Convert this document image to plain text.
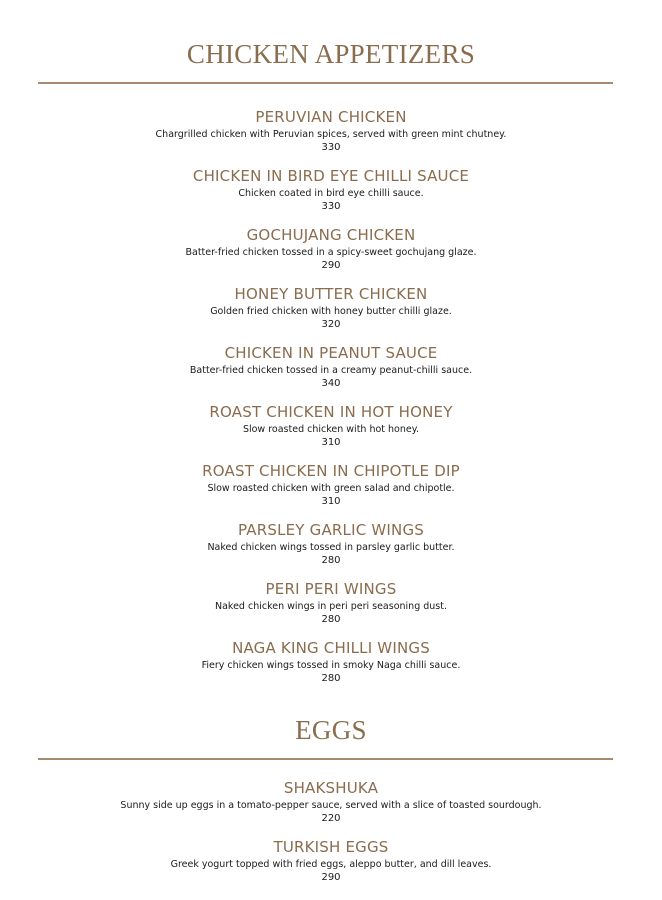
CHICKEN APPETIZERS
PERUVIAN CHICKEN
Chargrilled chicken with Peruvian spices, served with green mint chutney.
330
CHICKEN IN BIRD EYE CHILLI SAUCE
Chicken coated in bird eye chilli sauce.
330
GOCHUJANG CHICKEN
Batter-fried chicken tossed in a spicy-sweet gochujang glaze.
290
HONEY BUTTER CHICKEN
Golden fried chicken with honey butter chilli glaze.
320
CHICKEN IN PEANUT SAUCE
Batter-fried chicken tossed in a creamy peanut-chilli sauce.
340
ROAST CHICKEN IN HOT HONEY
Slow roasted chicken with hot honey.
310
ROAST CHICKEN IN CHIPOTLE DIP
Slow roasted chicken with green salad and chipotle.
310
PARSLEY GARLIC WINGS
Naked chicken wings tossed in parsley garlic butter.
280
PERI PERI WINGS
Naked chicken wings in peri peri seasoning dust.
280
NAGA KING CHILLI WINGS
Fiery chicken wings tossed in smoky Naga chilli sauce.
280
EGGS
SHAKSHUKA
Sunny side up eggs in a tomato-pepper sauce, served with a slice of toasted sourdough.
220
TURKISH EGGS
Greek yogurt topped with fried eggs, aleppo butter, and dill leaves.
290
